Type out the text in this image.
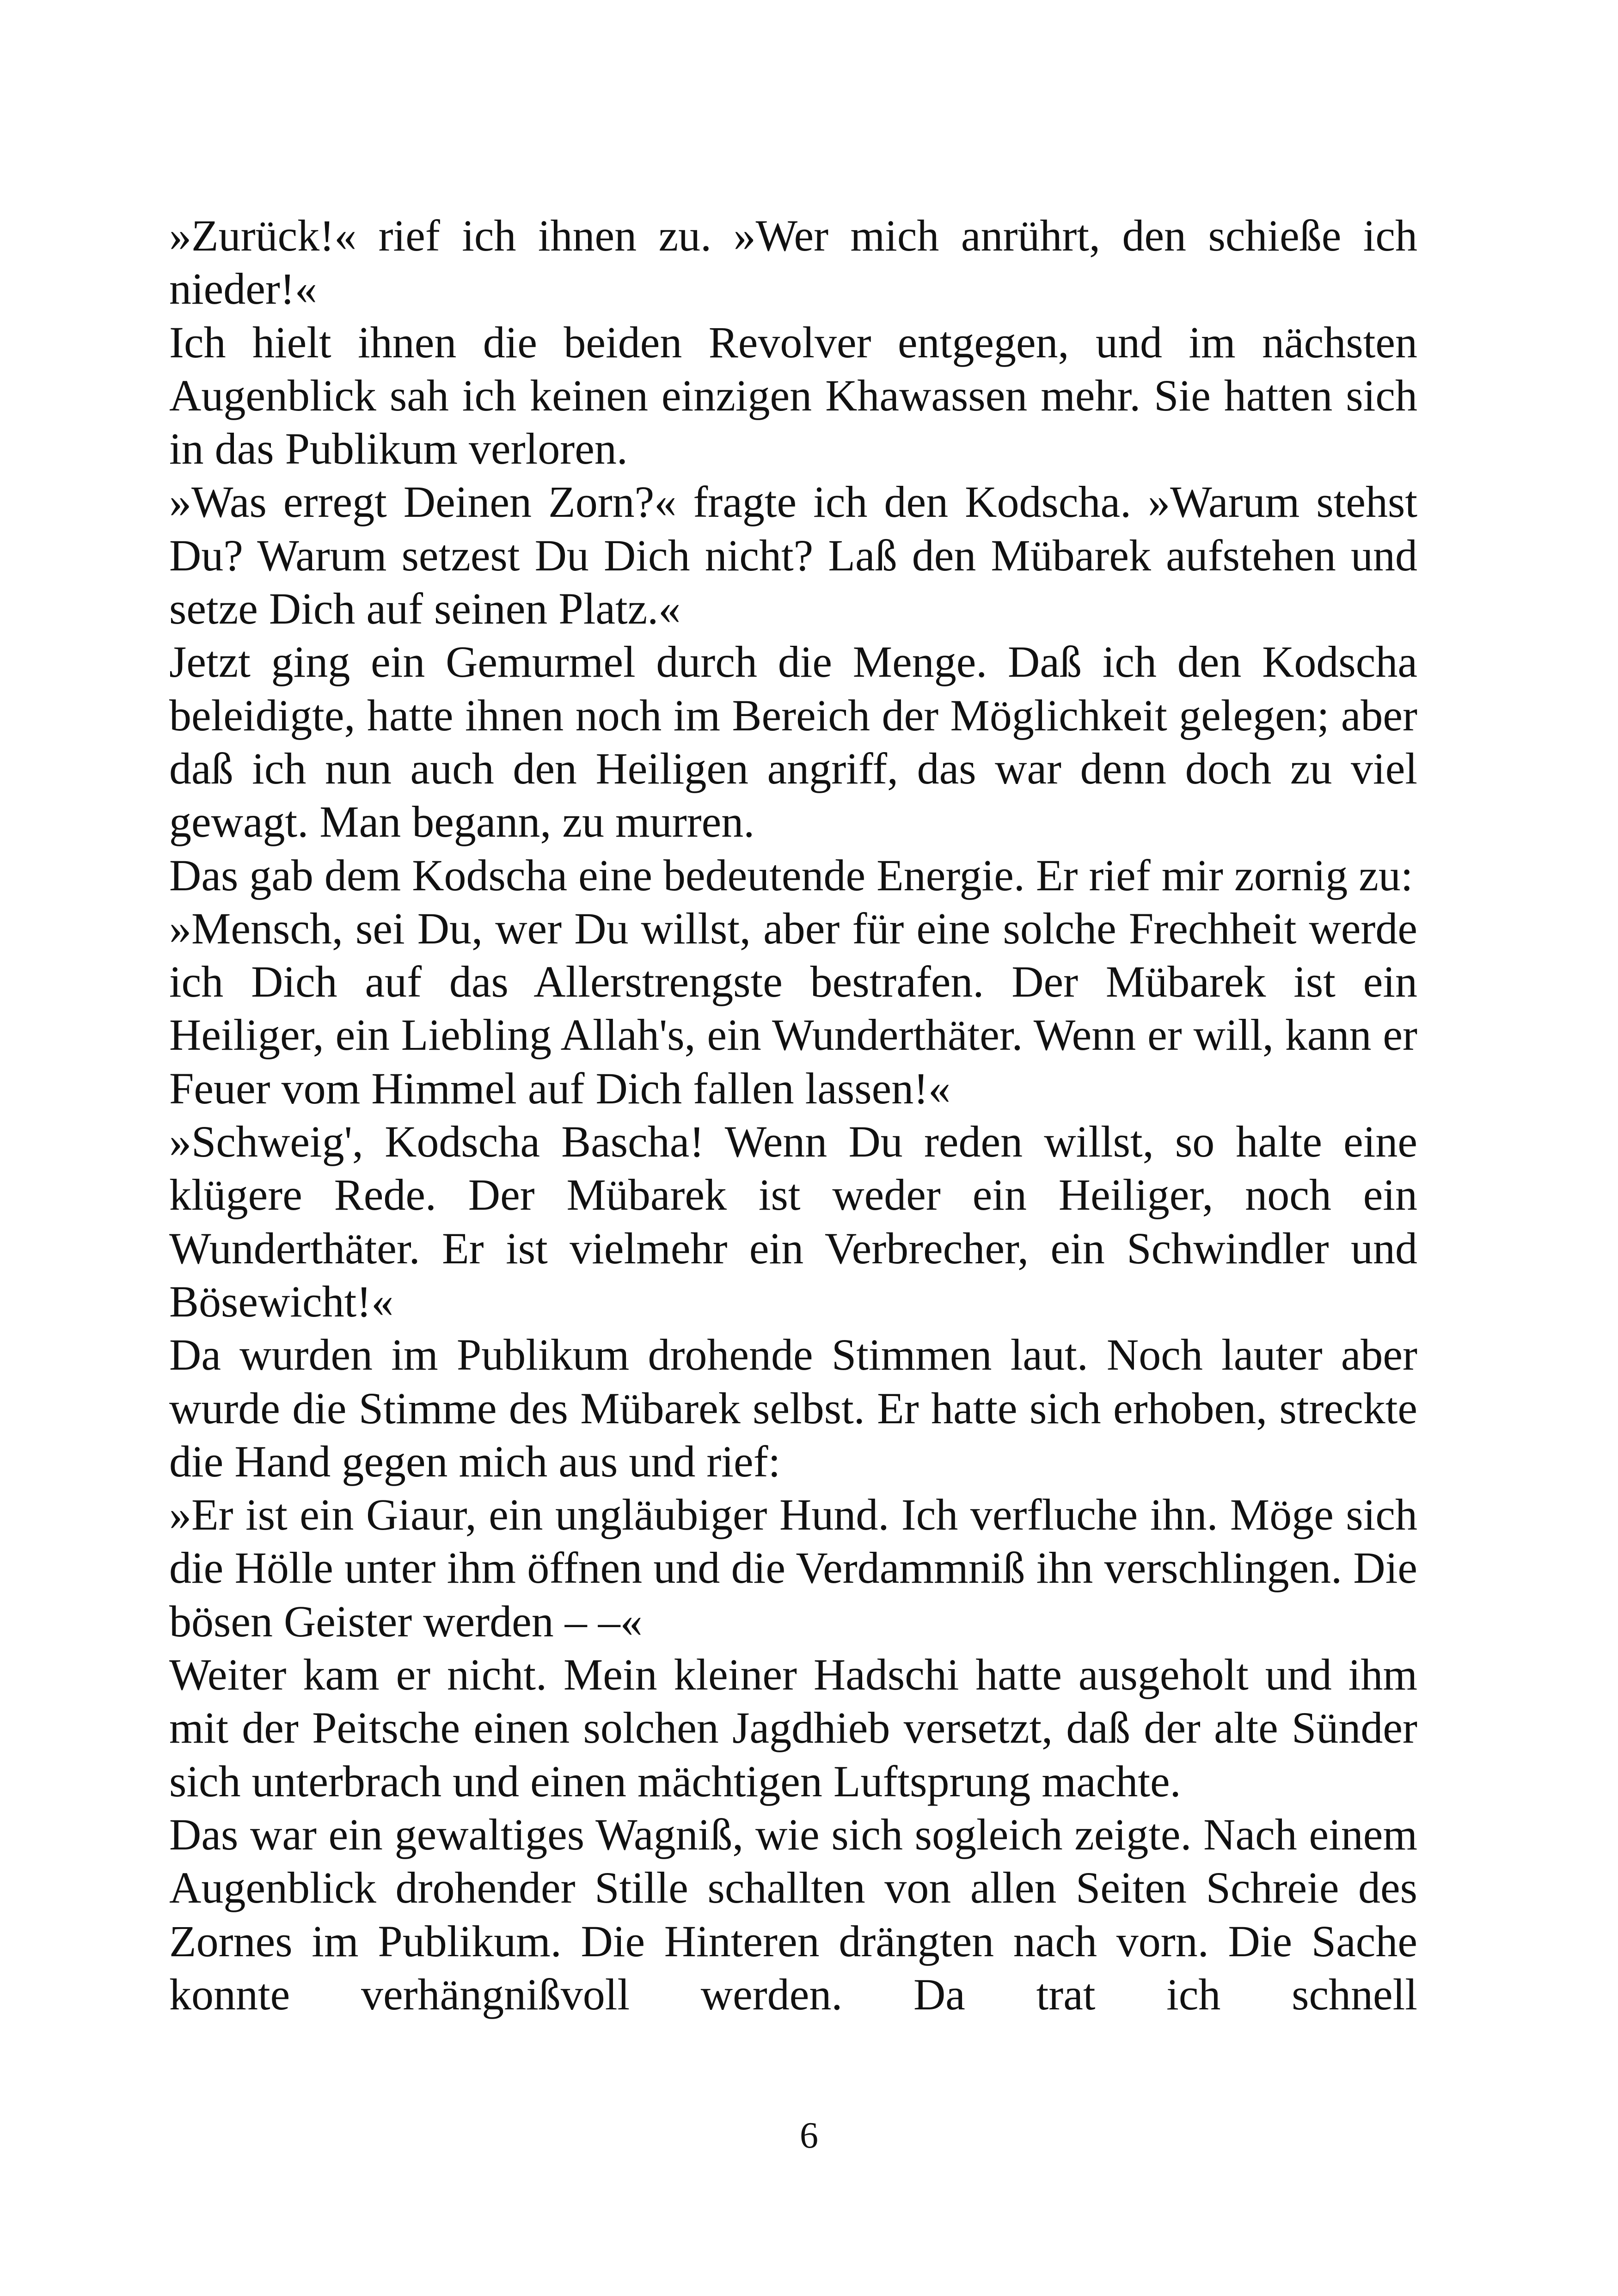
»Zurück!« rief ich ihnen zu. »Wer mich anrührt, den schieße ich nieder!«

Ich hielt ihnen die beiden Revolver entgegen, und im nächsten Augenblick sah ich keinen einzigen Khawassen mehr. Sie hatten sich in das Publikum verloren.

»Was erregt Deinen Zorn?« fragte ich den Kodscha. »Warum stehst Du? Warum setzest Du Dich nicht? Laß den Mübarek aufstehen und setze Dich auf seinen Platz.«

Jetzt ging ein Gemurmel durch die Menge. Daß ich den Kodscha beleidigte, hatte ihnen noch im Bereich der Möglichkeit gelegen; aber daß ich nun auch den Heiligen angriff, das war denn doch zu viel gewagt. Man begann, zu murren.

Das gab dem Kodscha eine bedeutende Energie. Er rief mir zornig zu:

»Mensch, sei Du, wer Du willst, aber für eine solche Frechheit werde ich Dich auf das Allerstrengste bestrafen. Der Mübarek ist ein Heiliger, ein Liebling Allah's, ein Wunderthäter. Wenn er will, kann er Feuer vom Himmel auf Dich fallen lassen!«

»Schweig', Kodscha Bascha! Wenn Du reden willst, so halte eine klügere Rede. Der Mübarek ist weder ein Heiliger, noch ein Wunderthäter. Er ist vielmehr ein Verbrecher, ein Schwindler und Bösewicht!«

Da wurden im Publikum drohende Stimmen laut. Noch lauter aber wurde die Stimme des Mübarek selbst. Er hatte sich erhoben, streckte die Hand gegen mich aus und rief:

»Er ist ein Giaur, ein ungläubiger Hund. Ich verfluche ihn. Möge sich die Hölle unter ihm öffnen und die Verdammniß ihn verschlingen. Die bösen Geister werden – –«

Weiter kam er nicht. Mein kleiner Hadschi hatte ausgeholt und ihm mit der Peitsche einen solchen Jagdhieb versetzt, daß der alte Sünder sich unterbrach und einen mächtigen Luftsprung machte.

Das war ein gewaltiges Wagniß, wie sich sogleich zeigte. Nach einem Augenblick drohender Stille schallten von allen Seiten Schreie des Zornes im Publikum. Die Hinteren drängten nach vorn. Die Sache konnte verhängnißvoll werden. Da trat ich schnell

6
